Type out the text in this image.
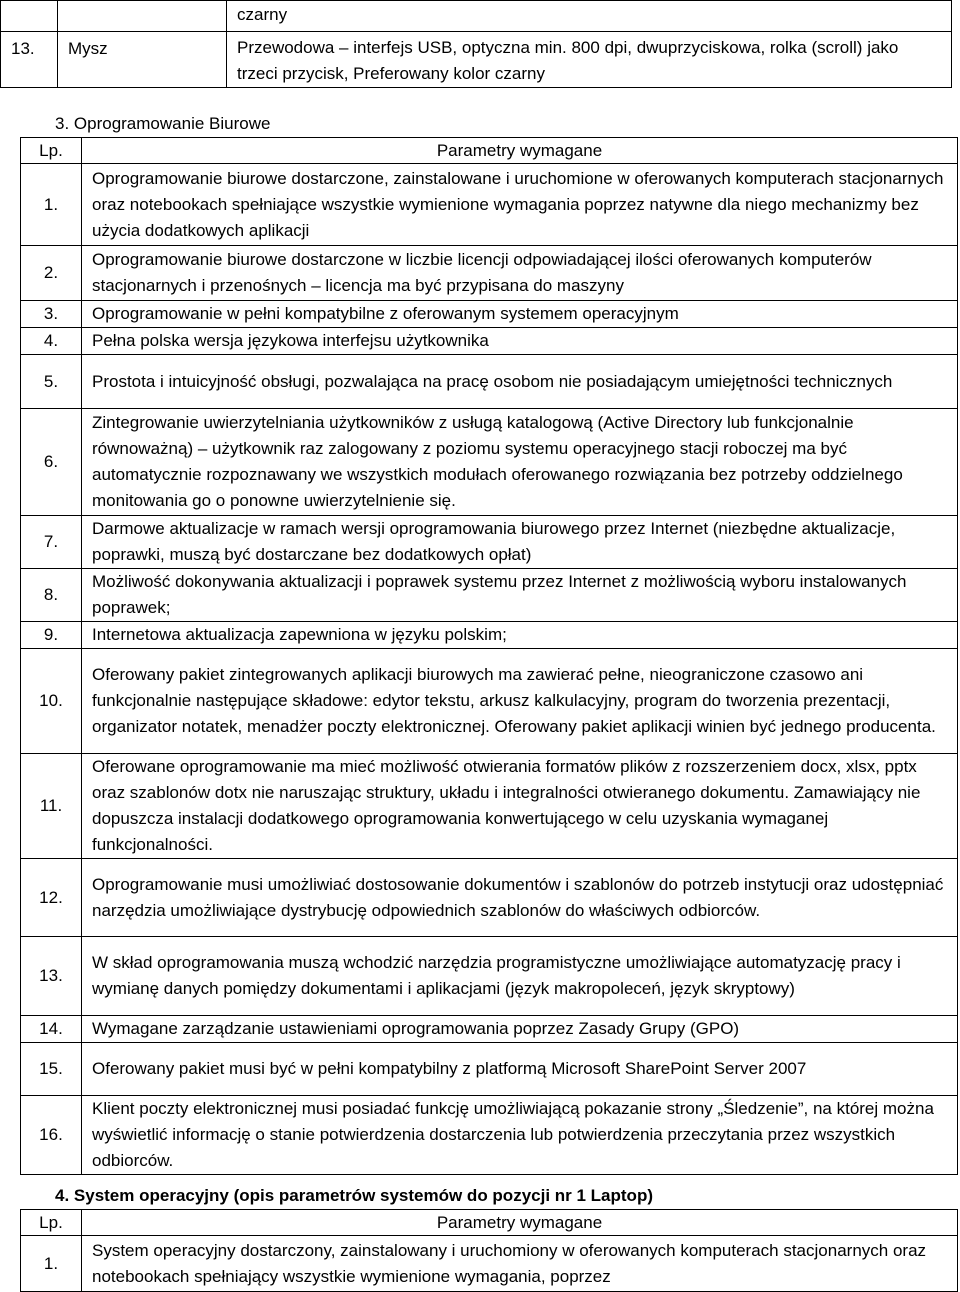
		czarny
13.	Mysz	Przewodowa – interfejs USB, optyczna min. 800 dpi, dwuprzyciskowa, rolka (scroll) jako trzeci przycisk, Preferowany kolor czarny
3. Oprogramowanie Biurowe
Lp.	Parametry wymagane
1.	Oprogramowanie biurowe dostarczone, zainstalowane i uruchomione w oferowanych komputerach stacjonarnych oraz notebookach spełniające wszystkie wymienione wymagania poprzez natywne dla niego mechanizmy bez użycia dodatkowych aplikacji
2.	Oprogramowanie biurowe dostarczone w liczbie licencji odpowiadającej ilości oferowanych komputerów stacjonarnych i przenośnych – licencja ma być przypisana do maszyny
3.	Oprogramowanie w pełni kompatybilne z oferowanym systemem operacyjnym
4.	Pełna polska wersja językowa interfejsu użytkownika
5.	Prostota i intuicyjność obsługi, pozwalająca na pracę osobom nie posiadającym umiejętności technicznych
6.	Zintegrowanie uwierzytelniania użytkowników z usługą katalogową (Active Directory lub funkcjonalnie równoważną) – użytkownik raz zalogowany z poziomu systemu operacyjnego stacji roboczej ma być automatycznie rozpoznawany we wszystkich modułach oferowanego rozwiązania bez potrzeby oddzielnego monitowania go o ponowne uwierzytelnienie się.
7.	Darmowe aktualizacje w ramach wersji oprogramowania biurowego przez Internet (niezbędne aktualizacje, poprawki, muszą być dostarczane bez dodatkowych opłat)
8.	Możliwość dokonywania aktualizacji i poprawek systemu przez Internet z możliwością wyboru instalowanych poprawek;
9.	Internetowa aktualizacja zapewniona w języku polskim;
10.	Oferowany pakiet zintegrowanych aplikacji biurowych ma zawierać pełne, nieograniczone czasowo ani funkcjonalnie następujące składowe: edytor tekstu, arkusz kalkulacyjny, program do tworzenia prezentacji, organizator notatek, menadżer poczty elektronicznej. Oferowany pakiet aplikacji winien być jednego producenta.
11.	Oferowane oprogramowanie ma mieć możliwość otwierania formatów plików z rozszerzeniem docx, xlsx, pptx oraz szablonów dotx nie naruszając struktury, układu i integralności otwieranego dokumentu. Zamawiający nie dopuszcza instalacji dodatkowego oprogramowania konwertującego w celu uzyskania wymaganej funkcjonalności.
12.	Oprogramowanie musi umożliwiać dostosowanie dokumentów i szablonów do potrzeb instytucji oraz udostępniać narzędzia umożliwiające dystrybucję odpowiednich szablonów do właściwych odbiorców.
13.	W skład oprogramowania muszą wchodzić narzędzia programistyczne umożliwiające automatyzację pracy i wymianę danych pomiędzy dokumentami i aplikacjami (język makropoleceń, język skryptowy)
14.	Wymagane zarządzanie ustawieniami oprogramowania poprzez Zasady Grupy (GPO)
15.	Oferowany pakiet musi być w pełni kompatybilny z platformą Microsoft SharePoint Server 2007
16.	Klient poczty elektronicznej musi posiadać funkcję umożliwiającą pokazanie strony „Śledzenie”, na której można wyświetlić informację o stanie potwierdzenia dostarczenia lub potwierdzenia przeczytania przez wszystkich odbiorców.
4. System operacyjny (opis parametrów systemów do pozycji nr 1 Laptop)
Lp.	Parametry wymagane
1.	System operacyjny dostarczony, zainstalowany i uruchomiony w oferowanych komputerach stacjonarnych oraz notebookach spełniający wszystkie wymienione wymagania, poprzez
